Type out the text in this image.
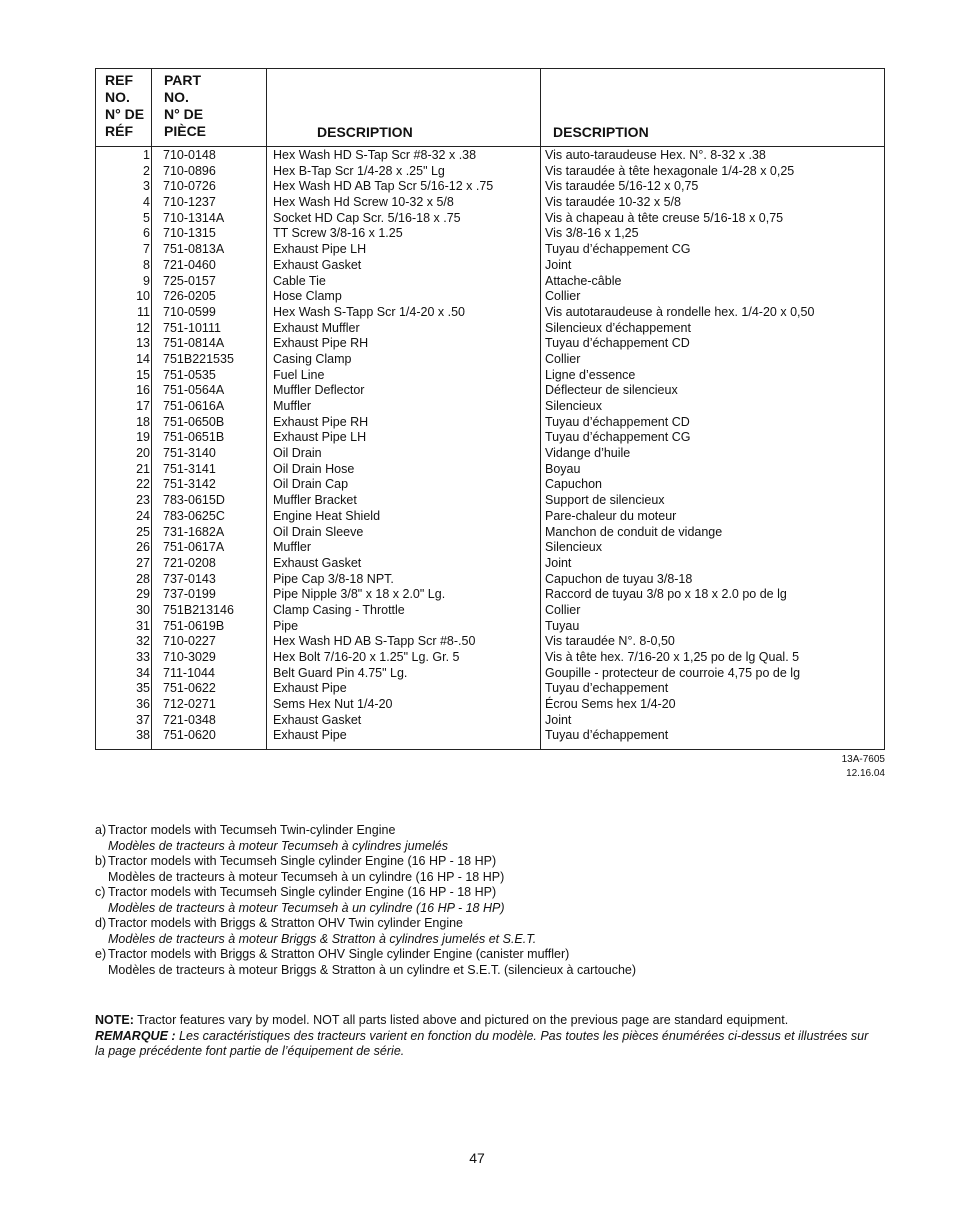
REF
NO.
N° DE
RÉF
PART
NO.
N° DE
PIÈCE	DESCRIPTION	DESCRIPTION
1 710-0148	Hex Wash HD S-Tap Scr #8-32 x .38	Vis auto-taraudeuse Hex. N°. 8-32 x .38
2 710-0896	Hex B-Tap Scr 1/4-28 x .25" Lg	Vis taraudée à tête hexagonale 1/4-28 x 0,25
3 710-0726	Hex Wash HD AB Tap Scr 5/16-12 x .75	Vis taraudée 5/16-12 x 0,75
4 710-1237	Hex Wash Hd Screw 10-32 x 5/8	Vis taraudée 10-32 x 5/8
5 710-1314A	Socket HD Cap Scr. 5/16-18 x .75	Vis à chapeau à tête creuse 5/16-18 x 0,75
6 710-1315	TT Screw 3/8-16 x 1.25	Vis 3/8-16 x 1,25
7 751-0813A	Exhaust Pipe LH	Tuyau d’échappement CG
8 721-0460	Exhaust Gasket	Joint
9 725-0157	Cable Tie	Attache-câble
10 726-0205	Hose Clamp	Collier
11 710-0599	Hex Wash S-Tapp Scr 1/4-20 x .50	Vis autotaraudeuse à rondelle hex. 1/4-20 x 0,50
12 751-10111	Exhaust Muffler	Silencieux d’échappement
13 751-0814A	Exhaust Pipe RH	Tuyau d’échappement CD
14 751B221535	Casing Clamp	Collier
15 751-0535	Fuel Line	Ligne d’essence
16 751-0564A	Muffler Deflector	Déflecteur de silencieux
17 751-0616A	Muffler	Silencieux
18 751-0650B	Exhaust Pipe RH	Tuyau d’échappement CD
19 751-0651B	Exhaust Pipe LH	Tuyau d’échappement CG
20 751-3140	Oil Drain	Vidange d’huile
21 751-3141	Oil Drain Hose	Boyau
22 751-3142	Oil Drain Cap	Capuchon
23 783-0615D	Muffler Bracket	Support de silencieux
24 783-0625C	Engine Heat Shield	Pare-chaleur du moteur
25 731-1682A	Oil Drain Sleeve	Manchon de conduit de vidange
26 751-0617A	Muffler	Silencieux
27 721-0208	Exhaust Gasket	Joint
28 737-0143	Pipe Cap 3/8-18 NPT.	Capuchon de tuyau 3/8-18
29 737-0199	Pipe Nipple 3/8" x 18 x 2.0" Lg.	Raccord de tuyau 3/8 po x 18 x 2.0 po de lg
30 751B213146	Clamp Casing - Throttle	Collier
31 751-0619B	Pipe	Tuyau
32 710-0227	Hex Wash HD AB S-Tapp Scr #8-.50	Vis taraudée N°. 8-0,50
33 710-3029	Hex Bolt 7/16-20 x 1.25" Lg. Gr. 5	Vis à tête hex. 7/16-20 x 1,25 po de lg Qual. 5
34 711-1044	Belt Guard Pin 4.75" Lg.	Goupille - protecteur de courroie 4,75 po de lg
35 751-0622	Exhaust Pipe	Tuyau d’echappement
36 712-0271	Sems Hex Nut 1/4-20	Écrou Sems hex 1/4-20
37 721-0348	Exhaust Gasket	Joint
38 751-0620	Exhaust Pipe	Tuyau d’échappement
13A-7605
12.16.04
a) Tractor models with Tecumseh Twin-cylinder Engine
Modèles de tracteurs à moteur Tecumseh à cylindres jumelés
b) Tractor models with Tecumseh Single cylinder Engine (16 HP - 18 HP)
Modèles de tracteurs à moteur Tecumseh à un cylindre (16 HP - 18 HP)
c) Tractor models with Tecumseh Single cylinder Engine (16 HP - 18 HP)
Modèles de tracteurs à moteur Tecumseh à un cylindre (16 HP - 18 HP)
d) Tractor models with Briggs & Stratton OHV Twin cylinder Engine
Modèles de tracteurs à moteur Briggs & Stratton à cylindres jumelés et S.E.T.
e) Tractor models with Briggs & Stratton OHV Single cylinder Engine (canister muffler)
Modèles de tracteurs à moteur Briggs & Stratton à un cylindre et S.E.T. (silencieux à cartouche)
NOTE: Tractor features vary by model. NOT all parts listed above and pictured on the previous page are standard equipment.
REMARQUE : Les caractéristiques des tracteurs varient en fonction du modèle. Pas toutes les pièces énumérées ci-dessus et illustrées sur la page précédente font partie de l’équipement de série.
47
